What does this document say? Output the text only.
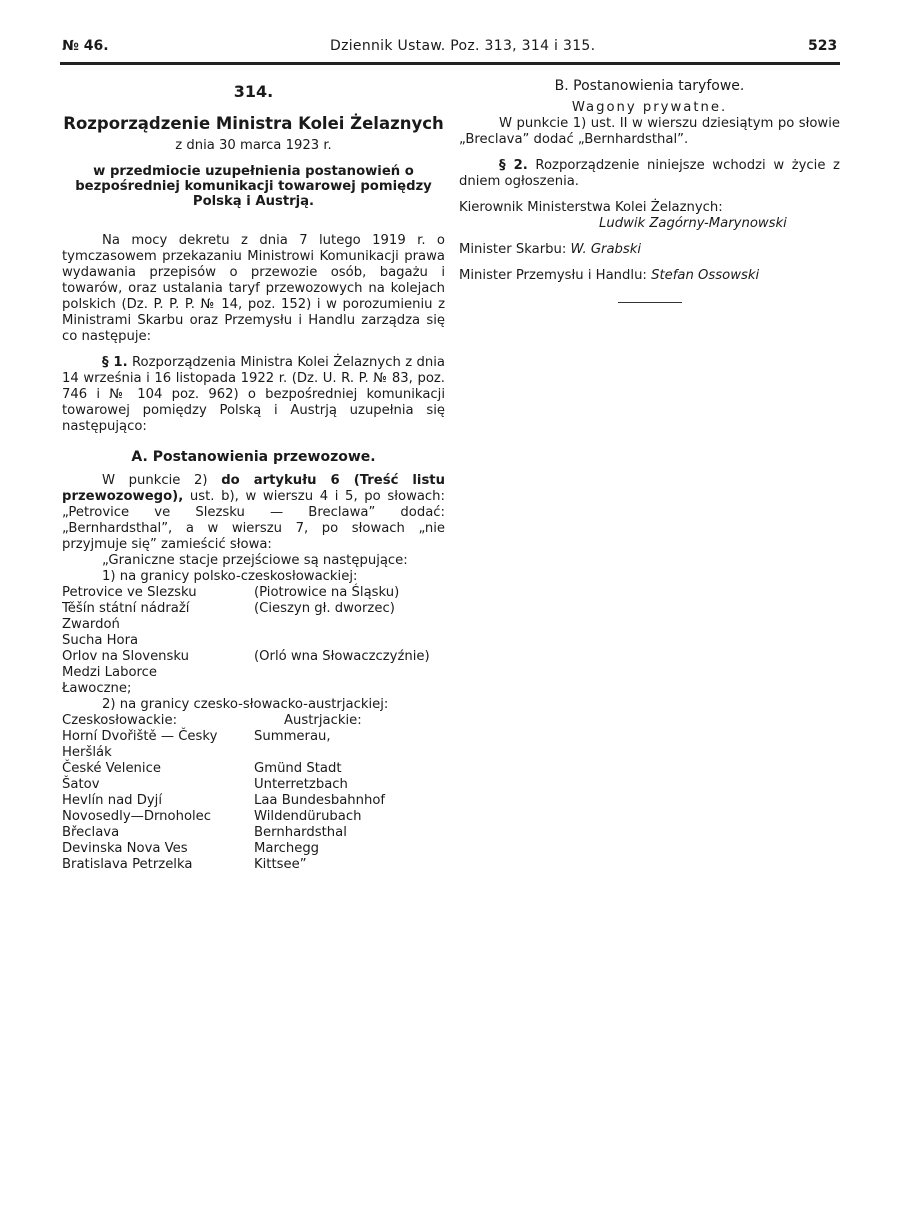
№ 46.	Dziennik Ustaw. Poz. 313, 314 i 315.	523

314.

Rozporządzenie Ministra Kolei Żelaznych

z dnia 30 marca 1923 r.

w przedmiocie uzupełnienia postanowień o bezpośredniej komunikacji towarowej pomiędzy Polską i Austrją.

Na mocy dekretu z dnia 7 lutego 1919 r. o tymczasowem przekazaniu Ministrowi Komunikacji prawa wydawania przepisów o przewozie osób, bagażu i towarów, oraz ustalania taryf przewozowych na kolejach polskich (Dz. P. P. P. № 14, poz. 152) i w porozumieniu z Ministrami Skarbu oraz Przemysłu i Handlu zarządza się co następuje:

§ 1. Rozporządzenia Ministra Kolei Żelaznych z dnia 14 września i 16 listopada 1922 r. (Dz. U. R. P. № 83, poz. 746 i № 104 poz. 962) o bezpośredniej komunikacji towarowej pomiędzy Polską i Austrją uzupełnia się następująco:

A. Postanowienia przewozowe.

W punkcie 2) do artykułu 6 (Treść listu przewozowego), ust. b), w wierszu 4 i 5, po słowach: „Petrovice ve Slezsku — Breclawa” dodać: „Bernhardsthal”, a w wierszu 7, po słowach „nie przyjmuje się” zamieścić słowa:

„Graniczne stacje przejściowe są następujące:

1) na granicy polsko-czeskosłowackiej:

Petrovice ve Slezsku	(Piotrowice na Śląsku)
Těšín státní nádraží	(Cieszyn gł. dworzec)
Zwardoń	
Sucha Hora	
Orlov na Slovensku	(Orló wna Słowaczczyźnie)
Medzi Laborce	
Ławoczne;	

2) na granicy czesko-słowacko-austrjackiej:

Czeskosłowackie:	Austrjackie:
Horní Dvořiště — Česky Heršlák	Summerau,
České Velenice	Gmünd Stadt
Šatov	Unterretzbach
Hevlín nad Dyjí	Laa Bundesbahnhof
Novosedly—Drnoholec	Wildendürubach
Břeclava	Bernhardsthal
Devinska Nova Ves	Marchegg
Bratislava Petrzelka	Kittsee”

B. Postanowienia taryfowe.

Wagony prywatne.

W punkcie 1) ust. II w wierszu dziesiątym po słowie „Breclava” dodać „Bernhardsthal”.

§ 2. Rozporządzenie niniejsze wchodzi w życie z dniem ogłoszenia.

Kierownik Ministerstwa Kolei Żelaznych:

Ludwik Zagórny-Marynowski

Minister Skarbu: W. Grabski

Minister Przemysłu i Handlu: Stefan Ossowski
